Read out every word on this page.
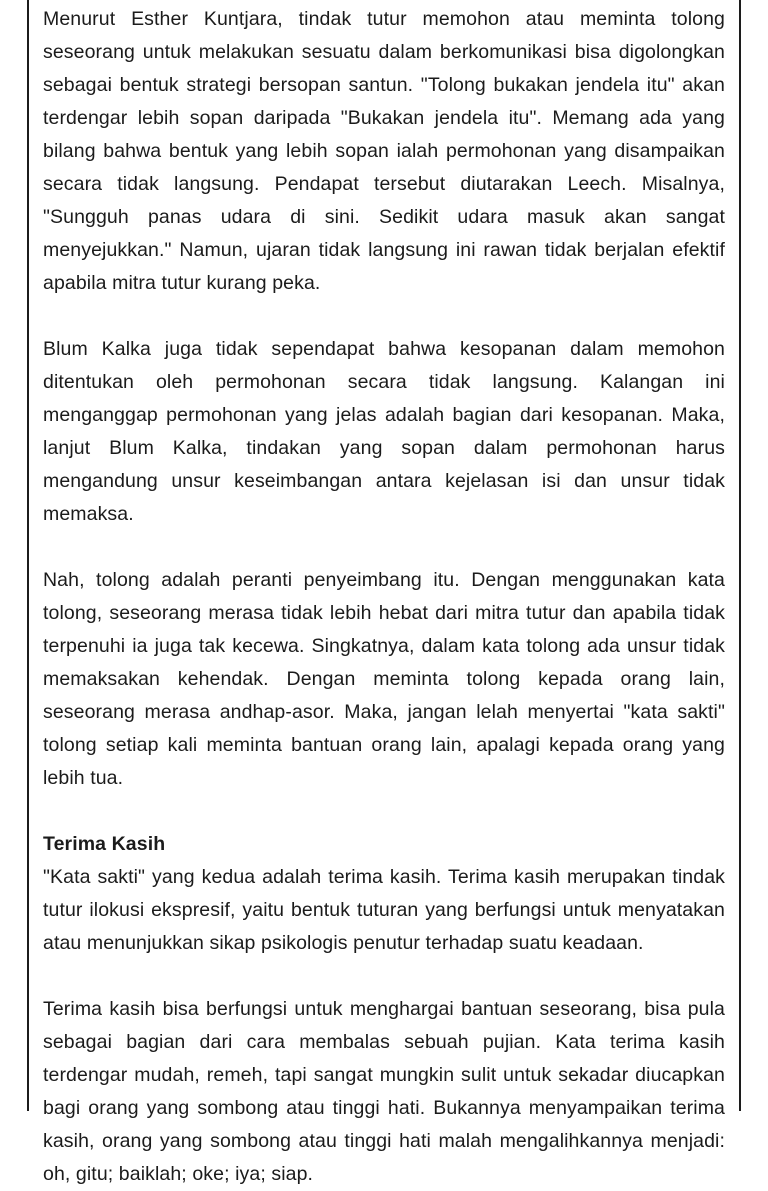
Menurut Esther Kuntjara, tindak tutur memohon atau meminta tolong seseorang untuk melakukan sesuatu dalam berkomunikasi bisa digolongkan sebagai bentuk strategi bersopan santun. "Tolong bukakan jendela itu" akan terdengar lebih sopan daripada "Bukakan jendela itu". Memang ada yang bilang bahwa bentuk yang lebih sopan ialah permohonan yang disampaikan secara tidak langsung. Pendapat tersebut diutarakan Leech. Misalnya, "Sungguh panas udara di sini. Sedikit udara masuk akan sangat menyejukkan." Namun, ujaran tidak langsung ini rawan tidak berjalan efektif apabila mitra tutur kurang peka.

Blum Kalka juga tidak sependapat bahwa kesopanan dalam memohon ditentukan oleh permohonan secara tidak langsung. Kalangan ini menganggap permohonan yang jelas adalah bagian dari kesopanan. Maka, lanjut Blum Kalka, tindakan yang sopan dalam permohonan harus mengandung unsur keseimbangan antara kejelasan isi dan unsur tidak memaksa.

Nah, tolong adalah peranti penyeimbang itu. Dengan menggunakan kata tolong, seseorang merasa tidak lebih hebat dari mitra tutur dan apabila tidak terpenuhi ia juga tak kecewa. Singkatnya, dalam kata tolong ada unsur tidak memaksakan kehendak. Dengan meminta tolong kepada orang lain, seseorang merasa andhap-asor. Maka, jangan lelah menyertai "kata sakti" tolong setiap kali meminta bantuan orang lain, apalagi kepada orang yang lebih tua.

Terima Kasih

"Kata sakti" yang kedua adalah terima kasih. Terima kasih merupakan tindak tutur ilokusi ekspresif, yaitu bentuk tuturan yang berfungsi untuk menyatakan atau menunjukkan sikap psikologis penutur terhadap suatu keadaan.

Terima kasih bisa berfungsi untuk menghargai bantuan seseorang, bisa pula sebagai bagian dari cara membalas sebuah pujian. Kata terima kasih terdengar mudah, remeh, tapi sangat mungkin sulit untuk sekadar diucapkan bagi orang yang sombong atau tinggi hati. Bukannya menyampaikan terima kasih, orang yang sombong atau tinggi hati malah mengalihkannya menjadi: oh, gitu; baiklah; oke; iya; siap.
